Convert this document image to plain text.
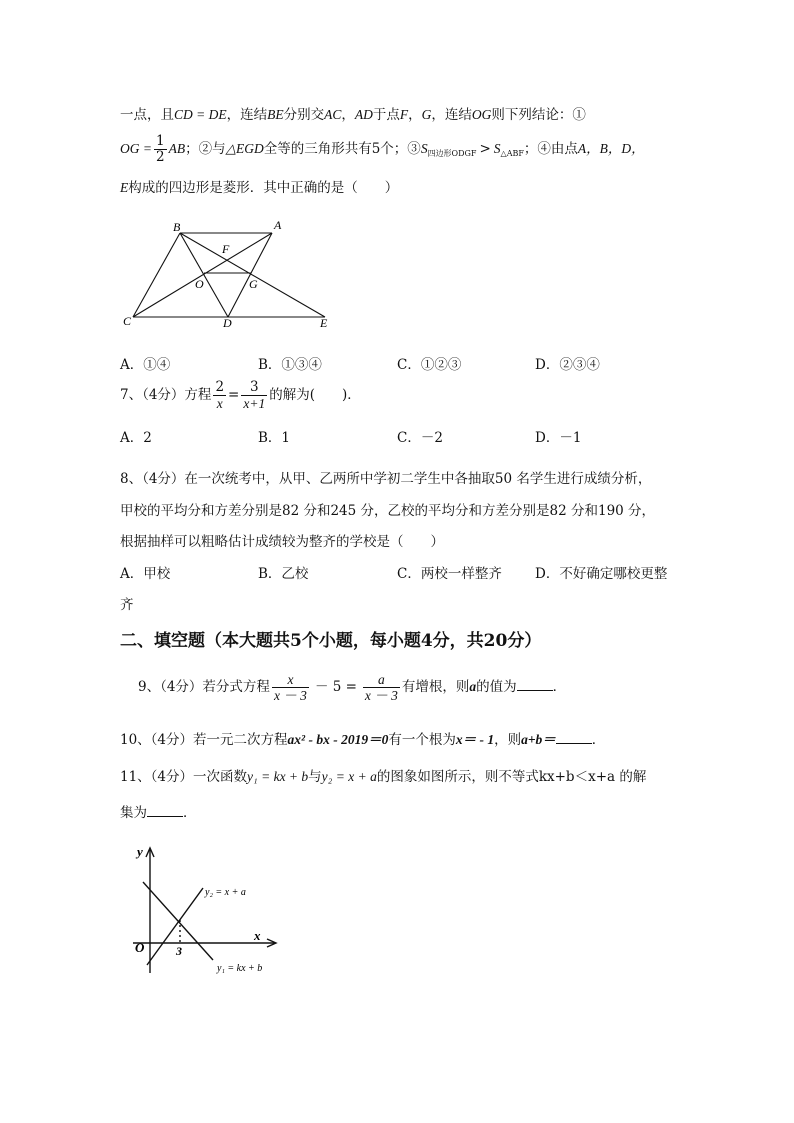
一点，且CD = DE，连结BE分别交AC，AD于点F，G，连结OG则下列结论：①
OG = $\frac{1}{2}$ AB；②与△EGD全等的三角形共有5个；$③S_{四边形ODGF} > S_{\triangle ABF}$；④由点A，B，D，
E构成的四边形是菱形．其中正确的是（　　）
B	A
F
O	G
C	D	E
A．①④	B．①③④	C．①②③	D．②③④
7、（4分）方程 $\frac{2}{x} = \frac{3}{x+1}$ 的解为(　　)．
A．2	B．1	C．－2	D．－1
8、（4分）在一次统考中，从甲、乙两所中学初二学生中各抽取50 名学生进行成绩分析，
甲校的平均分和方差分别是82 分和245 分，乙校的平均分和方差分别是82 分和190 分，
根据抽样可以粗略估计成绩较为整齐的学校是（　　）
A．甲校	B．乙校	C．两校一样整齐 D．不好确定哪校更整
齐
二、填空题（本大题共5个小题，每小题4分，共20分）
9、（4分）若分式方程 $\frac{x}{x - 3} - 5 = \frac{a}{x - 3}$ 有增根，则a的值为	．
10、（4分）若一元二次方程ax² - bx - 2019＝0有一个根为x＝ - 1，则a+b＝	．
11、（4分）一次函数y₁ = kx + b与y₂ = x + a的图象如图所示，则不等式kx+b＜x+a 的解
集为	．
y
x
O	3
y₂ = x + a
y₁ = kx + b
